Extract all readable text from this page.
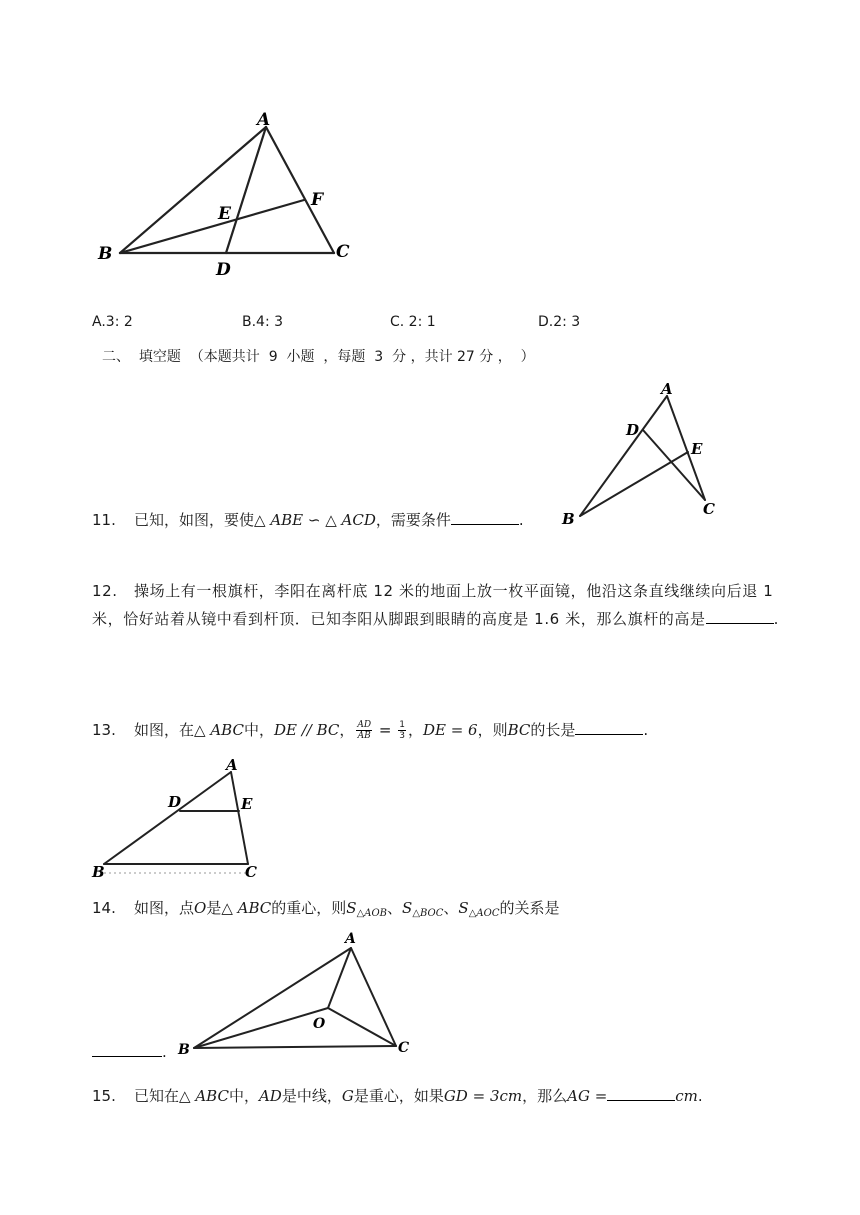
A
B	C
D
E
F
A.3: 2	B.4: 3	C. 2: 1	D.2: 3
二、  填空题  （本题共计  9  小题  ，每题  3  分 ，共计 27 分 ，  ）
A
D
E
B
C
11. 已知，如图，要使△ ABE ∽ △ ACD，需要条件	.
12. 操场上有一根旗杆，李阳在离杆底 12 米的地面上放一枚平面镜，他沿这条直线继续向后退 1 米，恰好站着从镜中看到杆顶．已知李阳从脚跟到眼睛的高度是 1.6 米，那么旗杆的高是	.
13. 如图，在△ ABC中，DE // BC， $\frac{AD}{AB} = \frac{1}{3}$ ，DE = 6，则BC的长是	.
A
D	E
B	C
14. 如图，点O是△ ABC的重心，则$S_{\triangle AOB}$、$S_{\triangle BOC}$、$S_{\triangle AOC}$的关系是
A
O
B	C
.
15. 已知在△ ABC中，AD是中线，G是重心，如果GD = 3cm，那么AG =	cm.
